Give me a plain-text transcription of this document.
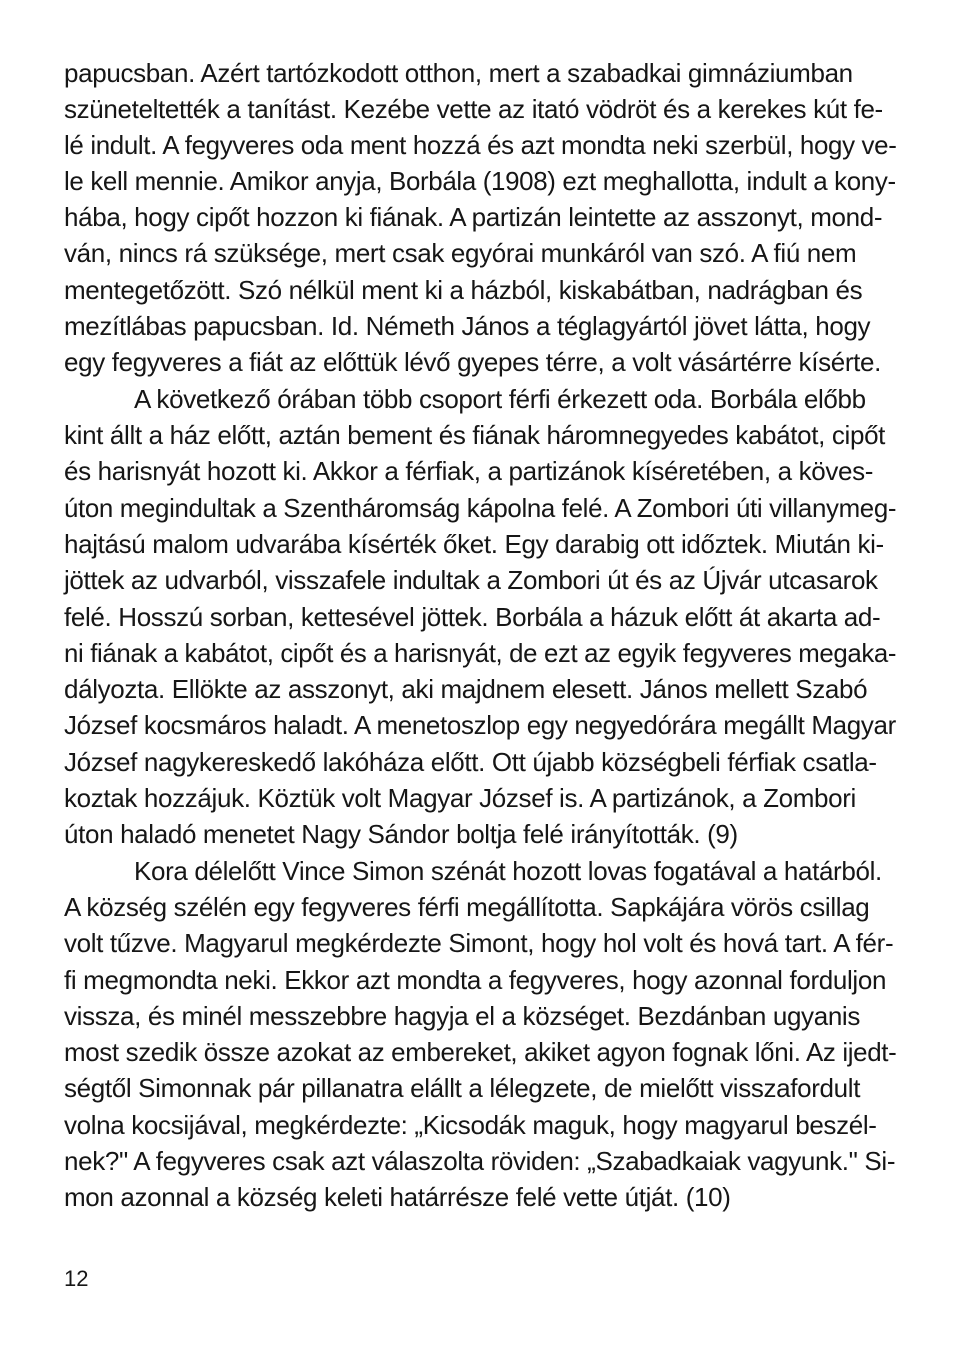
papucsban. Azért tartózkodott otthon, mert a szabadkai gimnáziumban

szüneteltették a tanítást. Kezébe vette az itató vödröt és a kerekes kút fe-

lé indult. A fegyveres oda ment hozzá és azt mondta neki szerbül, hogy ve-

le kell mennie. Amikor anyja, Borbála (1908) ezt meghallotta, indult a kony-

hába, hogy cipőt hozzon ki fiának. A partizán leintette az asszonyt, mond-

ván, nincs rá szüksége, mert csak egyórai munkáról van szó. A fiú nem

mentegetőzött. Szó nélkül ment ki a házból, kiskabátban, nadrágban és

mezítlábas papucsban. Id. Németh János a téglagyártól jövet látta, hogy

egy fegyveres a fiát az előttük lévő gyepes térre, a volt vásártérre kísérte.

A következő órában több csoport férfi érkezett oda. Borbála előbb

kint állt a ház előtt, aztán bement és fiának háromnegyedes kabátot, cipőt

és harisnyát hozott ki. Akkor a férfiak, a partizánok kíséretében, a köves-

úton megindultak a Szentháromság kápolna felé. A Zombori úti villanymeg-

hajtású malom udvarába kísérték őket. Egy darabig ott időztek. Miután ki-

jöttek az udvarból, visszafele indultak a Zombori út és az Újvár utcasarok

felé. Hosszú sorban, kettesével jöttek. Borbála a házuk előtt át akarta ad-

ni fiának a kabátot, cipőt és a harisnyát, de ezt az egyik fegyveres megaka-

dályozta. Ellökte az asszonyt, aki majdnem elesett. János mellett Szabó

József kocsmáros haladt. A menetoszlop egy negyedórára megállt Magyar

József nagykereskedő lakóháza előtt. Ott újabb községbeli férfiak csatla-

koztak hozzájuk. Köztük volt Magyar József is. A partizánok, a Zombori

úton haladó menetet Nagy Sándor boltja felé irányították. (9)

Kora délelőtt Vince Simon szénát hozott lovas fogatával a határból.

A község szélén egy fegyveres férfi megállította. Sapkájára vörös csillag

volt tűzve. Magyarul megkérdezte Simont, hogy hol volt és hová tart. A fér-

fi megmondta neki. Ekkor azt mondta a fegyveres, hogy azonnal forduljon

vissza, és minél messzebbre hagyja el a községet. Bezdánban ugyanis

most szedik össze azokat az embereket, akiket agyon fognak lőni. Az ijedt-

ségtől Simonnak pár pillanatra elállt a lélegzete, de mielőtt visszafordult

volna kocsijával, megkérdezte: „Kicsodák maguk, hogy magyarul beszél-

nek?" A fegyveres csak azt válaszolta röviden: „Szabadkaiak vagyunk." Si-

mon azonnal a község keleti határrésze felé vette útját. (10)

12
